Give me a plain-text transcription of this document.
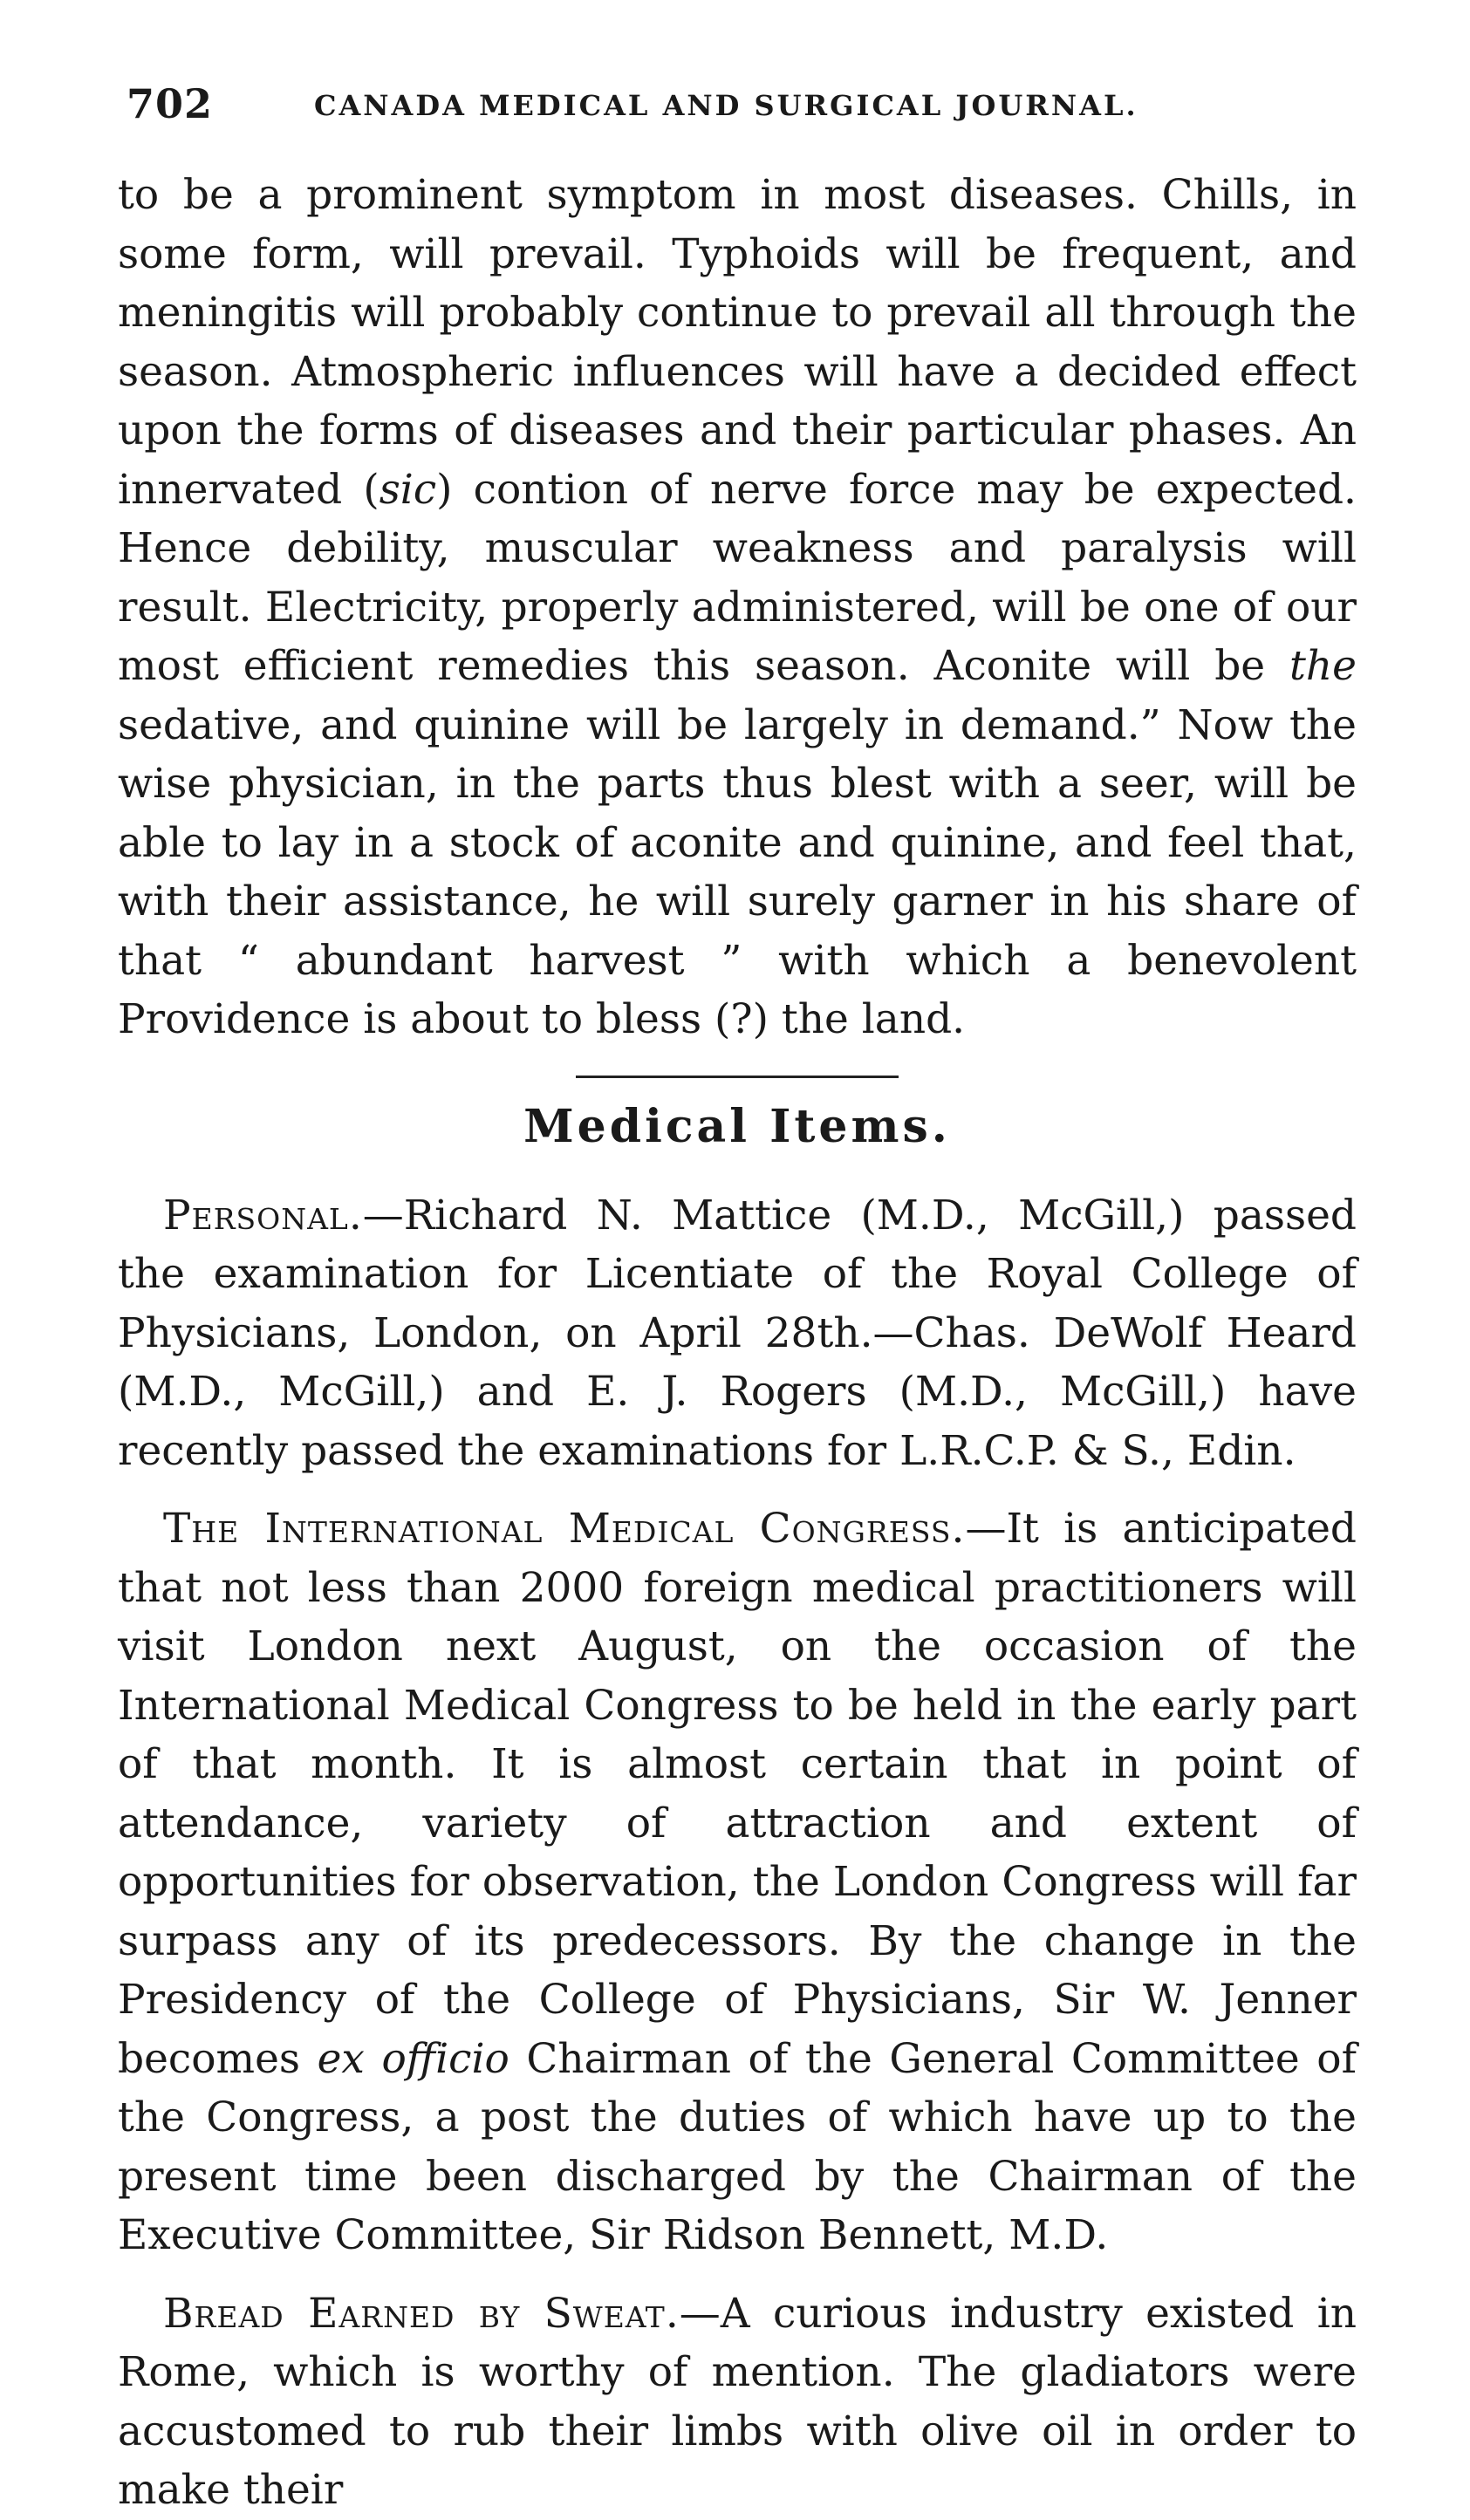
702	CANADA MEDICAL AND SURGICAL JOURNAL.

to be a prominent symptom in most diseases. Chills, in some form, will prevail. Typhoids will be frequent, and meningitis will probably continue to prevail all through the season. Atmospheric influences will have a decided effect upon the forms of diseases and their particular phases. An innervated (sic) contion of nerve force may be expected. Hence debility, muscular weakness and paralysis will result. Electricity, properly administered, will be one of our most efficient remedies this season. Aconite will be the sedative, and quinine will be largely in demand.” Now the wise physician, in the parts thus blest with a seer, will be able to lay in a stock of aconite and quinine, and feel that, with their assistance, he will surely garner in his share of that “ abundant harvest ” with which a benevolent Providence is about to bless (?) the land.

Medical Items.

Personal.—Richard N. Mattice (M.D., McGill,) passed the examination for Licentiate of the Royal College of Physicians, London, on April 28th.—Chas. DeWolf Heard (M.D., McGill,) and E. J. Rogers (M.D., McGill,) have recently passed the examinations for L.R.C.P. & S., Edin.

The International Medical Congress.—It is anticipated that not less than 2000 foreign medical practitioners will visit London next August, on the occasion of the International Medical Congress to be held in the early part of that month. It is almost certain that in point of attendance, variety of attraction and extent of opportunities for observation, the London Congress will far surpass any of its predecessors. By the change in the Presidency of the College of Physicians, Sir W. Jenner becomes ex officio Chairman of the General Committee of the Congress, a post the duties of which have up to the present time been discharged by the Chairman of the Executive Committee, Sir Ridson Bennett, M.D.

Bread Earned by Sweat.—A curious industry existed in Rome, which is worthy of mention. The gladiators were accustomed to rub their limbs with olive oil in order to make their
